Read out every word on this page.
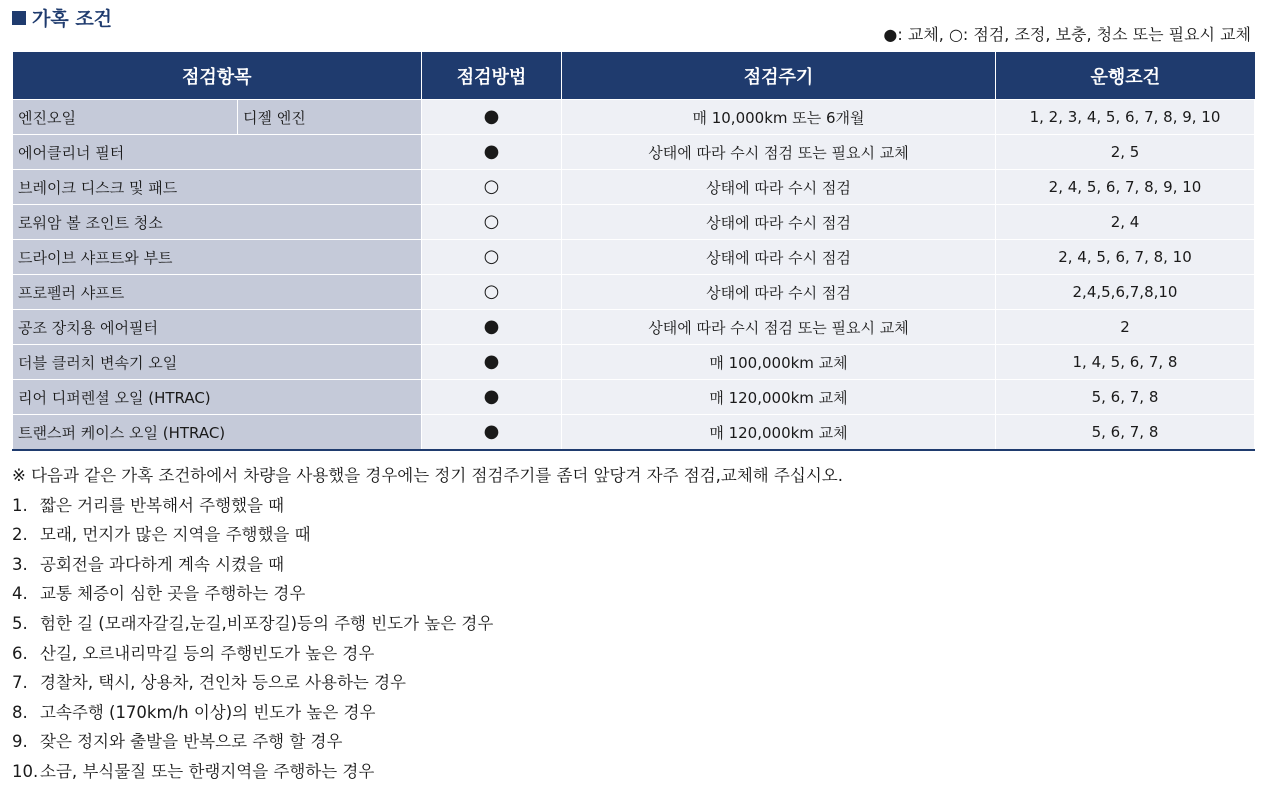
가혹 조건
●: 교체, ○: 점검, 조정, 보충, 청소 또는 필요시 교체
점검항목		점검방법	점검주기	운행조건
엔진오일	디젤 엔진	●	매 10,000km 또는 6개월	1, 2, 3, 4, 5, 6, 7, 8, 9, 10
에어클리너 필터		●	상태에 따라 수시 점검 또는 필요시 교체	2, 5
브레이크 디스크 및 패드		○	상태에 따라 수시 점검	2, 4, 5, 6, 7, 8, 9, 10
로워암 볼 조인트 청소		○	상태에 따라 수시 점검	2, 4
드라이브 샤프트와 부트		○	상태에 따라 수시 점검	2, 4, 5, 6, 7, 8, 10
프로펠러 샤프트		○	상태에 따라 수시 점검	2,4,5,6,7,8,10
공조 장치용 에어필터		●	상태에 따라 수시 점검 또는 필요시 교체	2
더블 클러치 변속기 오일		●	매 100,000km 교체	1, 4, 5, 6, 7, 8
리어 디퍼렌셜 오일 (HTRAC)		●	매 120,000km 교체	5, 6, 7, 8
트랜스퍼 케이스 오일 (HTRAC)		●	매 120,000km 교체	5, 6, 7, 8
※ 다음과 같은 가혹 조건하에서 차량을 사용했을 경우에는 정기 점검주기를 좀더 앞당겨 자주 점검,교체해 주십시오.
1. 짧은 거리를 반복해서 주행했을 때
2. 모래, 먼지가 많은 지역을 주행했을 때
3. 공회전을 과다하게 계속 시켰을 때
4. 교통 체증이 심한 곳을 주행하는 경우
5. 험한 길 (모래자갈길,눈길,비포장길)등의 주행 빈도가 높은 경우
6. 산길, 오르내리막길 등의 주행빈도가 높은 경우
7. 경찰차, 택시, 상용차, 견인차 등으로 사용하는 경우
8. 고속주행 (170km/h 이상)의 빈도가 높은 경우
9. 잦은 정지와 출발을 반복으로 주행 할 경우
10. 소금, 부식물질 또는 한랭지역을 주행하는 경우
